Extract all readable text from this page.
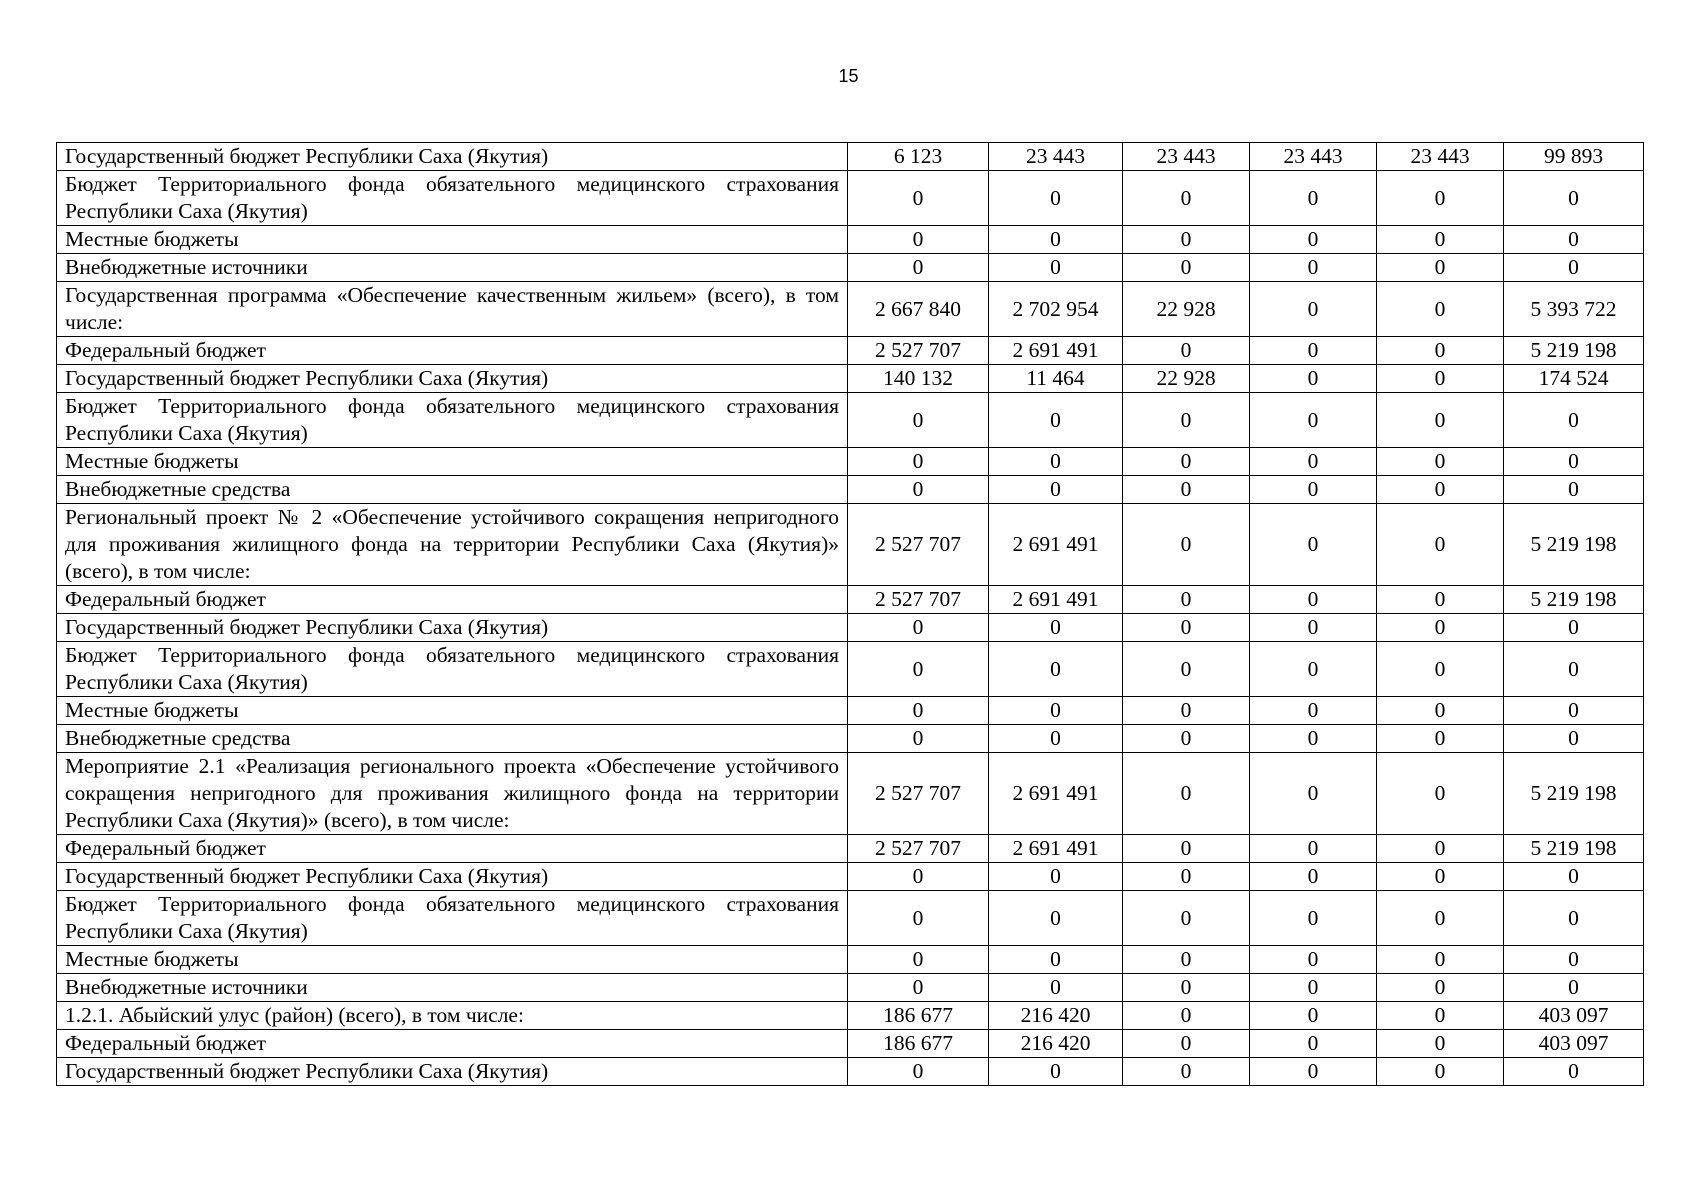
15
Государственный бюджет Республики Саха (Якутия)	6 123	23 443	23 443	23 443	23 443	99 893
Бюджет Территориального фонда обязательного медицинского страхования Республики Саха (Якутия)	0	0	0	0	0	0
Местные бюджеты	0	0	0	0	0	0
Внебюджетные источники	0	0	0	0	0	0
Государственная программа «Обеспечение качественным жильем» (всего), в том числе:	2 667 840	2 702 954	22 928	0	0	5 393 722
Федеральный бюджет	2 527 707	2 691 491	0	0	0	5 219 198
Государственный бюджет Республики Саха (Якутия)	140 132	11 464	22 928	0	0	174 524
Бюджет Территориального фонда обязательного медицинского страхования Республики Саха (Якутия)	0	0	0	0	0	0
Местные бюджеты	0	0	0	0	0	0
Внебюджетные средства	0	0	0	0	0	0
Региональный проект № 2 «Обеспечение устойчивого сокращения непригодного для проживания жилищного фонда на территории Республики Саха (Якутия)» (всего), в том числе:	2 527 707	2 691 491	0	0	0	5 219 198
Федеральный бюджет	2 527 707	2 691 491	0	0	0	5 219 198
Государственный бюджет Республики Саха (Якутия)	0	0	0	0	0	0
Бюджет Территориального фонда обязательного медицинского страхования Республики Саха (Якутия)	0	0	0	0	0	0
Местные бюджеты	0	0	0	0	0	0
Внебюджетные средства	0	0	0	0	0	0
Мероприятие 2.1 «Реализация регионального проекта «Обеспечение устойчивого сокращения непригодного для проживания жилищного фонда на территории Республики Саха (Якутия)» (всего), в том числе:	2 527 707	2 691 491	0	0	0	5 219 198
Федеральный бюджет	2 527 707	2 691 491	0	0	0	5 219 198
Государственный бюджет Республики Саха (Якутия)	0	0	0	0	0	0
Бюджет Территориального фонда обязательного медицинского страхования Республики Саха (Якутия)	0	0	0	0	0	0
Местные бюджеты	0	0	0	0	0	0
Внебюджетные источники	0	0	0	0	0	0
1.2.1. Абыйский улус (район) (всего), в том числе:	186 677	216 420	0	0	0	403 097
Федеральный бюджет	186 677	216 420	0	0	0	403 097
Государственный бюджет Республики Саха (Якутия)	0	0	0	0	0	0
